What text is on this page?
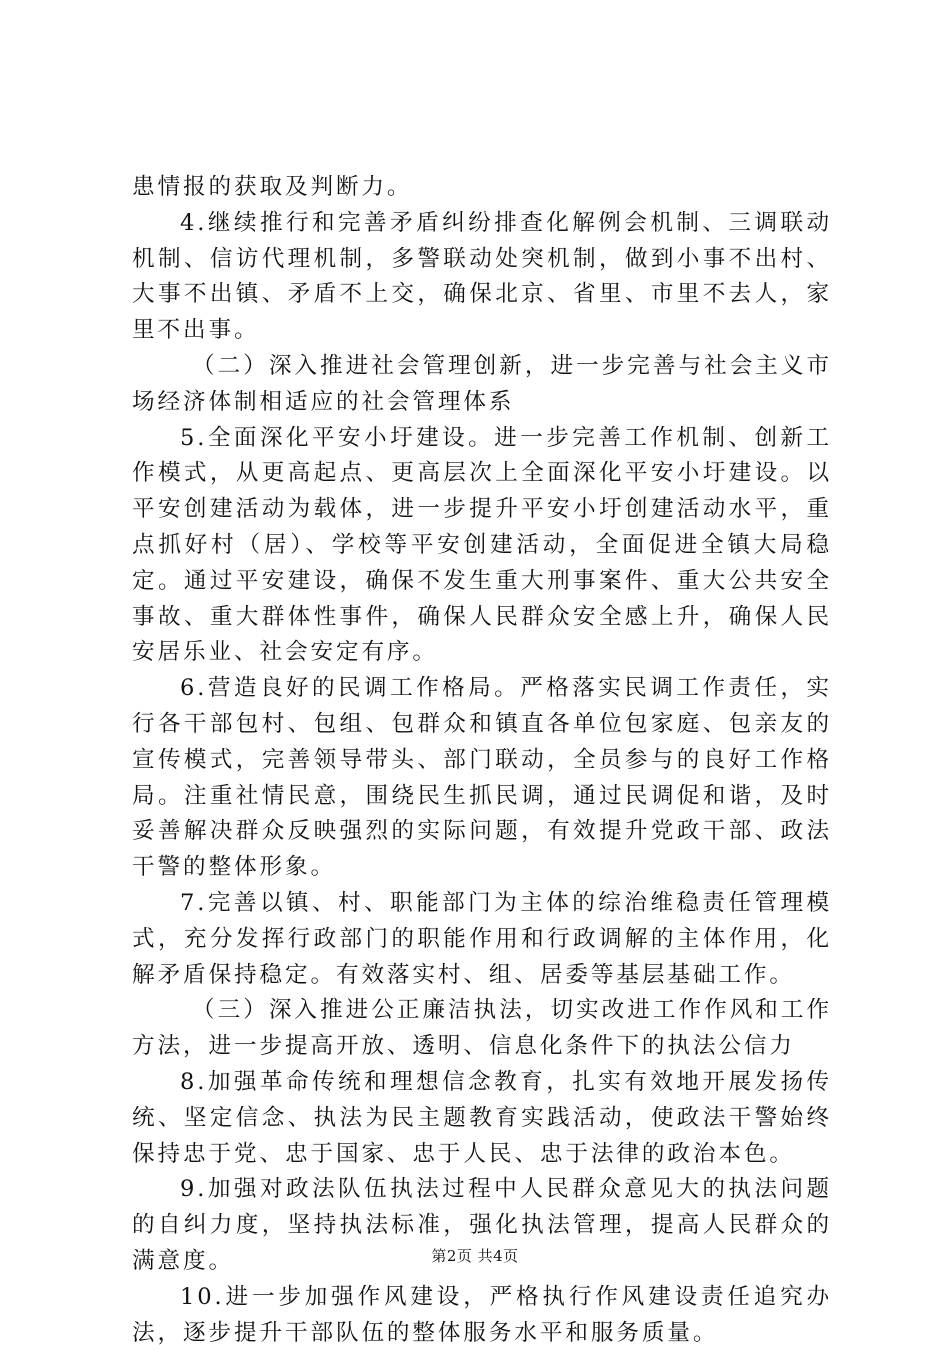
患情报的获取及判断力。

4.继续推行和完善矛盾纠纷排查化解例会机制、三调联动机制、信访代理机制，多警联动处突机制，做到小事不出村、大事不出镇、矛盾不上交，确保北京、省里、市里不去人，家里不出事。

（二）深入推进社会管理创新，进一步完善与社会主义市场经济体制相适应的社会管理体系

5.全面深化平安小圩建设。进一步完善工作机制、创新工作模式，从更高起点、更高层次上全面深化平安小圩建设。以平安创建活动为载体，进一步提升平安小圩创建活动水平，重点抓好村（居）、学校等平安创建活动，全面促进全镇大局稳定。通过平安建设，确保不发生重大刑事案件、重大公共安全事故、重大群体性事件，确保人民群众安全感上升，确保人民安居乐业、社会安定有序。

6.营造良好的民调工作格局。严格落实民调工作责任，实行各干部包村、包组、包群众和镇直各单位包家庭、包亲友的宣传模式，完善领导带头、部门联动，全员参与的良好工作格局。注重社情民意，围绕民生抓民调，通过民调促和谐，及时妥善解决群众反映强烈的实际问题，有效提升党政干部、政法干警的整体形象。

7.完善以镇、村、职能部门为主体的综治维稳责任管理模式，充分发挥行政部门的职能作用和行政调解的主体作用，化解矛盾保持稳定。有效落实村、组、居委等基层基础工作。

（三）深入推进公正廉洁执法，切实改进工作作风和工作方法，进一步提高开放、透明、信息化条件下的执法公信力

8.加强革命传统和理想信念教育，扎实有效地开展发扬传统、坚定信念、执法为民主题教育实践活动，使政法干警始终保持忠于党、忠于国家、忠于人民、忠于法律的政治本色。

9.加强对政法队伍执法过程中人民群众意见大的执法问题的自纠力度，坚持执法标准，强化执法管理，提高人民群众的满意度。

10.进一步加强作风建设，严格执行作风建设责任追究办法，逐步提升干部队伍的整体服务水平和服务质量。

第2页 共4页
